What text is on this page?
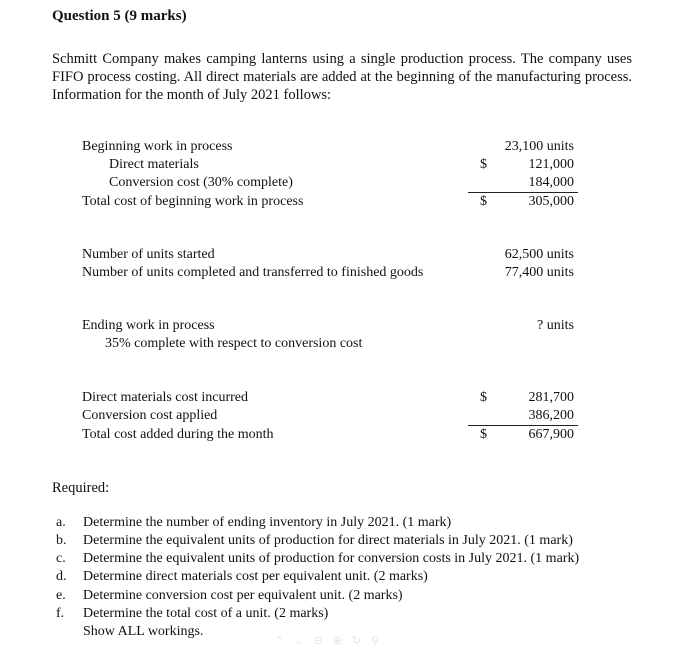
Question 5 (9 marks)
Schmitt Company makes camping lanterns using a single production process. The company uses FIFO process costing. All direct materials are added at the beginning of the manufacturing process. Information for the month of July 2021 follows:
Beginning work in process	23,100 units
Direct materials	$	121,000
Conversion cost (30% complete)	184,000
Total cost of beginning work in process	$	305,000
Number of units started	62,500 units
Number of units completed and transferred to finished goods	77,400 units
Ending work in process	? units
35% complete with respect to conversion cost
Direct materials cost incurred	$	281,700
Conversion cost applied	386,200
Total cost added during the month	$	667,900
Required:
a. Determine the number of ending inventory in July 2021. (1 mark)
b. Determine the equivalent units of production for direct materials in July 2021. (1 mark)
c. Determine the equivalent units of production for conversion costs in July 2021. (1 mark)
d. Determine direct materials cost per equivalent unit. (2 marks)
e. Determine conversion cost per equivalent unit. (2 marks)
f. Determine the total cost of a unit. (2 marks)
Show ALL workings.
⌃ ⌄ ⊖ ⊕ ↻ ⚲
